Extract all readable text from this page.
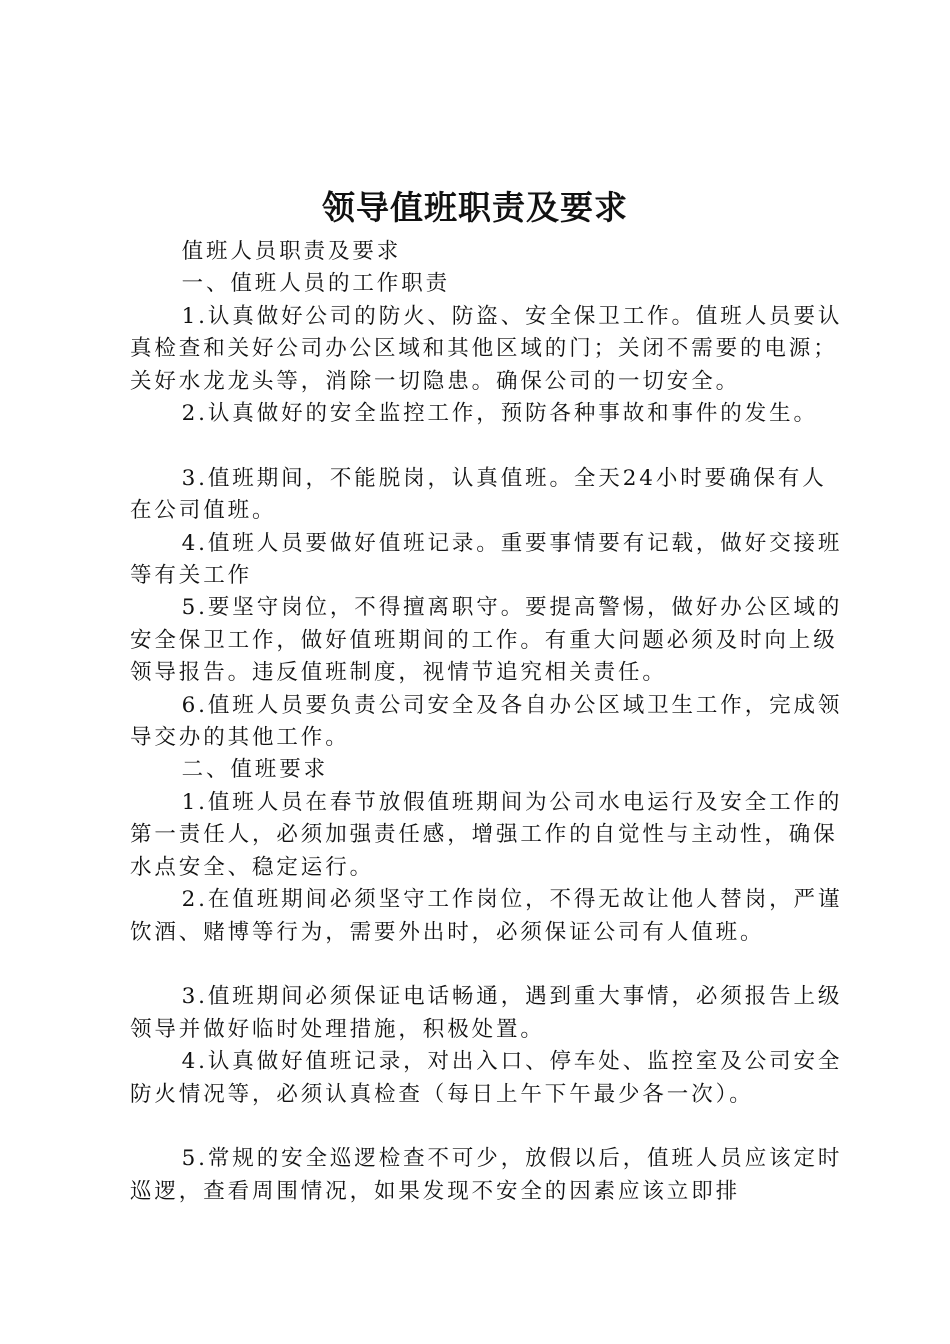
领导值班职责及要求

值班人员职责及要求

一、值班人员的工作职责

1.认真做好公司的防火、防盗、安全保卫工作。值班人员要认真检查和关好公司办公区域和其他区域的门；关闭不需要的电源；关好水龙龙头等，消除一切隐患。确保公司的一切安全。

2.认真做好的安全监控工作，预防各种事故和事件的发生。

3.值班期间，不能脱岗，认真值班。全天24小时要确保有人在公司值班。

4.值班人员要做好值班记录。重要事情要有记载，做好交接班等有关工作

5.要坚守岗位，不得擅离职守。要提高警惕，做好办公区域的安全保卫工作，做好值班期间的工作。有重大问题必须及时向上级领导报告。违反值班制度，视情节追究相关责任。

6.值班人员要负责公司安全及各自办公区域卫生工作，完成领导交办的其他工作。

二、值班要求

1.值班人员在春节放假值班期间为公司水电运行及安全工作的第一责任人，必须加强责任感，增强工作的自觉性与主动性，确保水点安全、稳定运行。

2.在值班期间必须坚守工作岗位，不得无故让他人替岗，严谨饮酒、赌博等行为，需要外出时，必须保证公司有人值班。

3.值班期间必须保证电话畅通，遇到重大事情，必须报告上级领导并做好临时处理措施，积极处置。

4.认真做好值班记录，对出入口、停车处、监控室及公司安全防火情况等，必须认真检查（每日上午下午最少各一次）。

5.常规的安全巡逻检查不可少，放假以后，值班人员应该定时巡逻，查看周围情况，如果发现不安全的因素应该立即排
